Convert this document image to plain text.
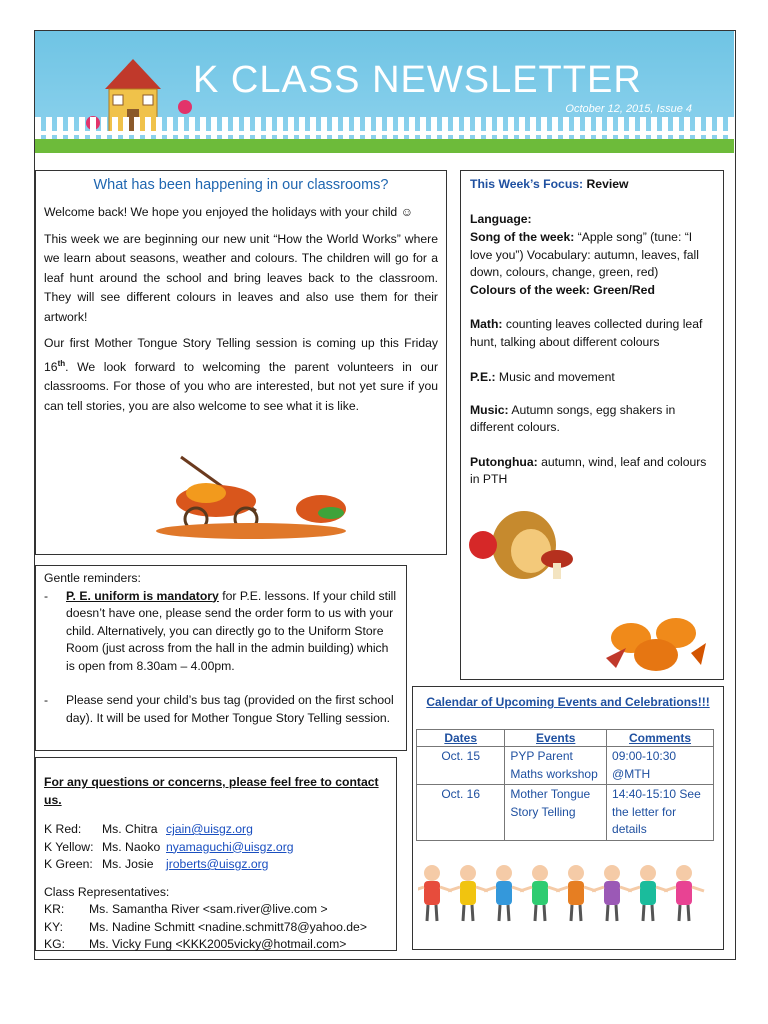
K CLASS NEWSLETTER
October 12, 2015, Issue 4

What has been happening in our classrooms?

Welcome back! We hope you enjoyed the holidays with your child ☺

This week we are beginning our new unit “How the World Works” where we learn about seasons, weather and colours. The children will go for a leaf hunt around the school and bring leaves back to the classroom. They will see different colours in leaves and also use them for their artwork!

Our first Mother Tongue Story Telling session is coming up this Friday 16th. We look forward to welcoming the parent volunteers in our classrooms. For those of you who are interested, but not yet sure if you can tell stories, you are also welcome to see what it is like.

This Week’s Focus: Review

Language:

Song of the week: “Apple song” (tune: “I love you”) Vocabulary: autumn, leaves, fall down, colours, change, green, red)

Colours of the week: Green/Red

Math: counting leaves collected during leaf hunt, talking about different colours

P.E.: Music and movement

Music: Autumn songs, egg shakers in different colours.

Putonghua: autumn, wind, leaf and colours in PTH

Gentle reminders:

-	P. E. uniform is mandatory for P.E. lessons. If your child still doesn’t have one, please send the order form to us with your child. Alternatively, you can directly go to the Uniform Store Room (just across from the hall in the admin building) which is open from 8.30am – 4.00pm.

-	Please send your child’s bus tag (provided on the first school day). It will be used for Mother Tongue Story Telling session.

For any questions or concerns, please feel free to contact us.

K Red: Ms. Chitra cjain@uisgz.org
K Yellow: Ms. Naoko nyamaguchi@uisgz.org
K Green: Ms. Josie jroberts@uisgz.org

Class Representatives:

KR: Ms. Samantha River <sam.river@live.com >
KY: Ms. Nadine Schmitt <nadine.schmitt78@yahoo.de>
KG: Ms. Vicky Fung <KKK2005vicky@hotmail.com>

Calendar of Upcoming Events and Celebrations!!!

Dates	Events	Comments
Oct. 15	PYP Parent Maths workshop	09:00-10:30 @MTH
Oct. 16	Mother Tongue Story Telling	14:40-15:10 See the letter for details
